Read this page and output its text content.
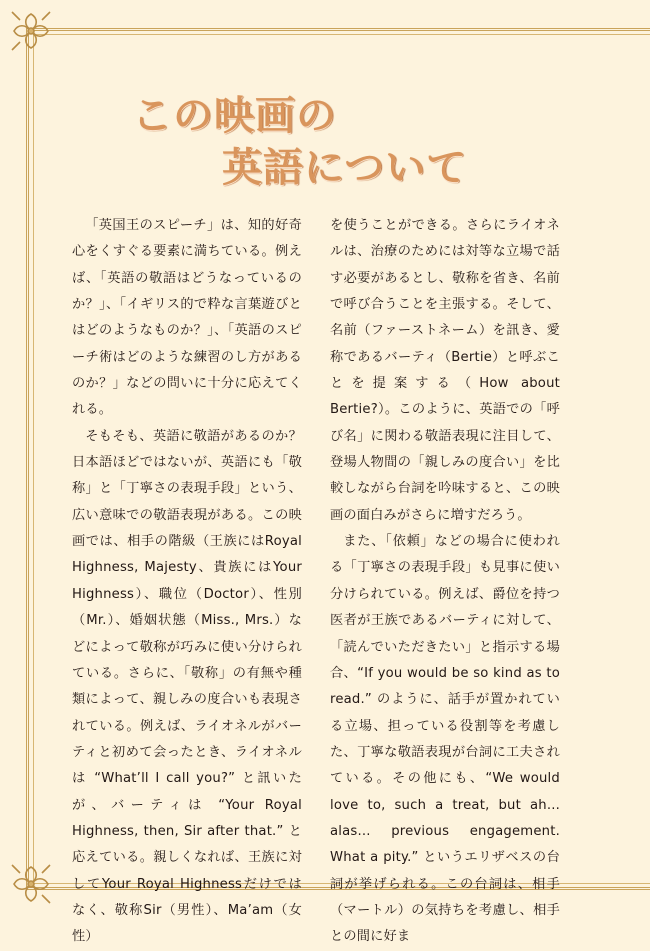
この映画の
英語について

「英国王のスピーチ」は、知的好奇心をくすぐる要素に満ちている。例えば、「英語の敬語はどうなっているのか？」、「イギリス的で粋な言葉遊びとはどのようなものか？」、「英語のスピーチ術はどのような練習のし方があるのか？」などの問いに十分に応えてくれる。

そもそも、英語に敬語があるのか？日本語ほどではないが、英語にも「敬称」と「丁寧さの表現手段」という、広い意味での敬語表現がある。この映画では、相手の階級（王族にはRoyal Highness, Majesty、貴族にはYour Highness）、職位（Doctor）、性別（Mr.）、婚姻状態（Miss., Mrs.）などによって敬称が巧みに使い分けられている。さらに、「敬称」の有無や種類によって、親しみの度合いも表現されている。例えば、ライオネルがバーティと初めて会ったとき、ライオネルは “What’ll I call you?” と訊いたが、バーティは “Your Royal Highness, then, Sir after that.” と応えている。親しくなれば、王族に対してYour Royal Highnessだけではなく、敬称Sir（男性）、Ma’am（女性）

を使うことができる。さらにライオネルは、治療のためには対等な立場で話す必要があるとし、敬称を省き、名前で呼び合うことを主張する。そして、名前（ファーストネーム）を訊き、愛称であるバーティ（Bertie）と呼ぶことを提案する（How about Bertie?）。このように、英語での「呼び名」に関わる敬語表現に注目して、登場人物間の「親しみの度合い」を比較しながら台詞を吟味すると、この映画の面白みがさらに増すだろう。

また、「依頼」などの場合に使われる「丁寧さの表現手段」も見事に使い分けられている。例えば、爵位を持つ医者が王族であるバーティに対して、「読んでいただきたい」と指示する場合、“If you would be so kind as to read.” のように、話手が置かれている立場、担っている役割等を考慮した、丁寧な敬語表現が台詞に工夫されている。その他にも、“We would love to, such a treat, but ah... alas... previous engagement. What a pity.” というエリザベスの台詞が挙げられる。この台詞は、相手（マートル）の気持ちを考慮し、相手との間に好ま
